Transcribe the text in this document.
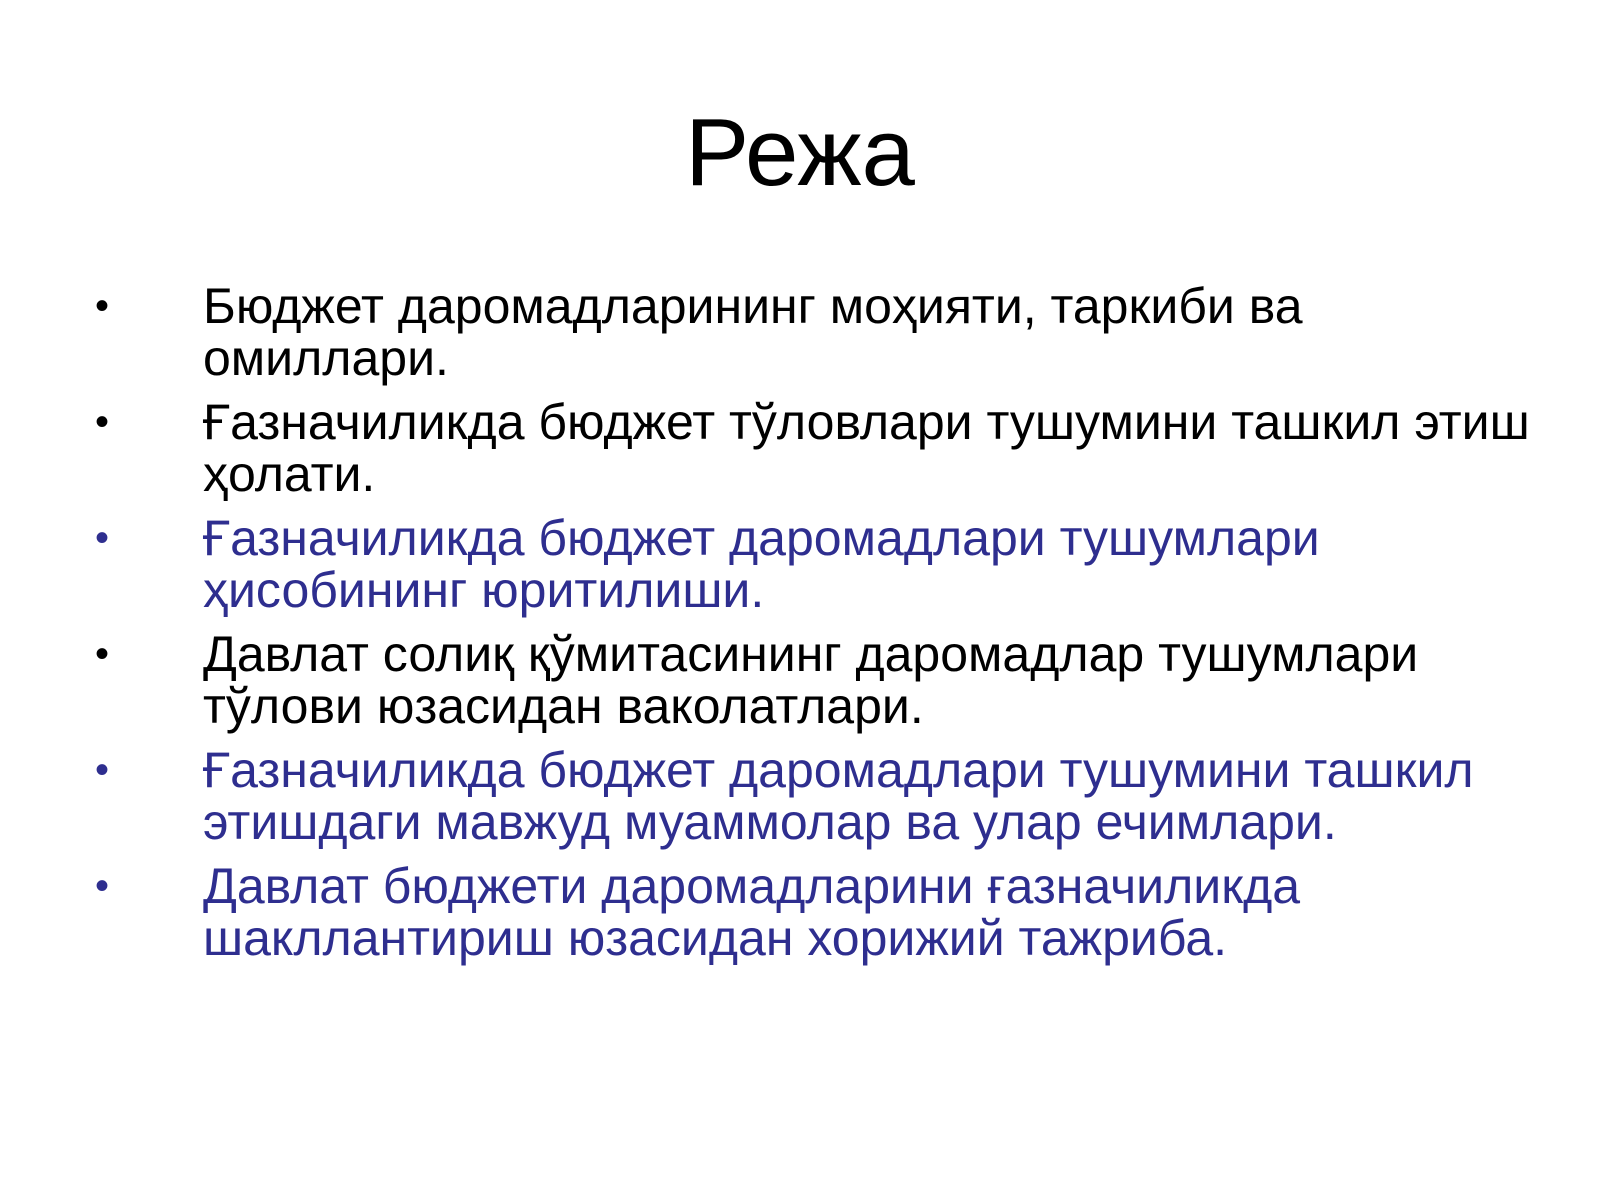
Режа
•	Бюджет даромадларининг моҳияти, таркиби ва омиллари.
•	Ғазначиликда бюджет тўловлари тушумини ташкил этиш ҳолати.
•	Ғазначиликда бюджет даромадлари тушумлари ҳисобининг юритилиши.
•	Давлат солиқ қўмитасининг даромадлар тушумлари тўлови юзасидан ваколатлари.
•	Ғазначиликда бюджет даромадлари тушумини ташкил этишдаги мавжуд муаммолар ва улар ечимлари.
•	Давлат бюджети даромадларини ғазначиликда шакллантириш юзасидан хорижий тажриба.
